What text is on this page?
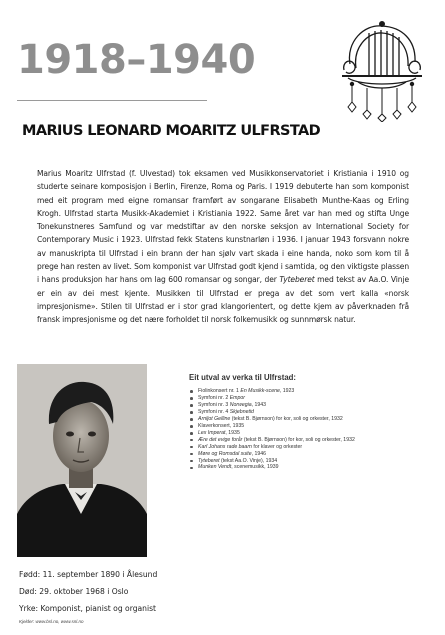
1918–1940
MARIUS LEONARD MOARITZ ULFRSTAD

Marius Moaritz Ulfrstad (f. Ulvestad) tok eksamen ved Musikkonservatoriet i Kristiania i 1910 og studerte seinare komposisjon i Berlin, Firenze, Roma og Paris. I 1919 debuterte han som komponist med eit program med eigne romansar framført av songarane Elisabeth Munthe-Kaas og Erling Krogh. Ulfrstad starta Musikk-Akademiet i Kristiania 1922. Same året var han med og stifta Unge Tonekunstneres Samfund og var medstiftar av den norske seksjon av International Society for Contemporary Music i 1923. Ulfrstad fekk Statens kunstnarløn i 1936. I januar 1943 forsvann nokre av manuskripta til Ulfrstad i ein brann der han sjølv vart skada i eine handa, noko som kom til å prege han resten av livet. Som komponist var Ulfrstad godt kjend i samtida, og den viktigste plassen i hans produksjon har hans om lag 600 romansar og songar, der Tyteberet med tekst av Aa.O. Vinje er ein av dei mest kjente. Musikken til Ulfrstad er prega av det som vert kalla «norsk impresjonisme». Stilen til Ulfrstad er i stor grad klangorientert, og dette kjem av påverknaden frå fransk impresjonisme og det nære forholdet til norsk folkemusikk og sunnmørsk natur.

Eit utval av verka til Ulfrstad:
Fiolinkonsert nr. 1 En Musikk-scene, 1923
Symfoni nr. 2 Empor
Symfoni nr. 3 Norwegia, 1943
Symfoni nr. 4 Skjebnetid
Arnljot Gelline (tekst B. Bjørnson) for kor, soli og orkester, 1932
Klaverkonsert, 1935
Lex Imperat, 1935
Ære det evige forår (tekst B. Bjørnson) for kor, soli og orkester, 1932
Karl Johans rade baarn for klaver og orkester
Møre og Romsdal suite, 1946
Tyteberet (tekst Aa.O. Vinje), 1934
Munken Vendt, scenemusikk, 1939
Fødd: 11. september 1890 i Ålesund
Død: 29. oktober 1968 i Oslo
Yrke: Komponist, pianist og organist
Kjelder: www.bsl.no, www.snl.no
